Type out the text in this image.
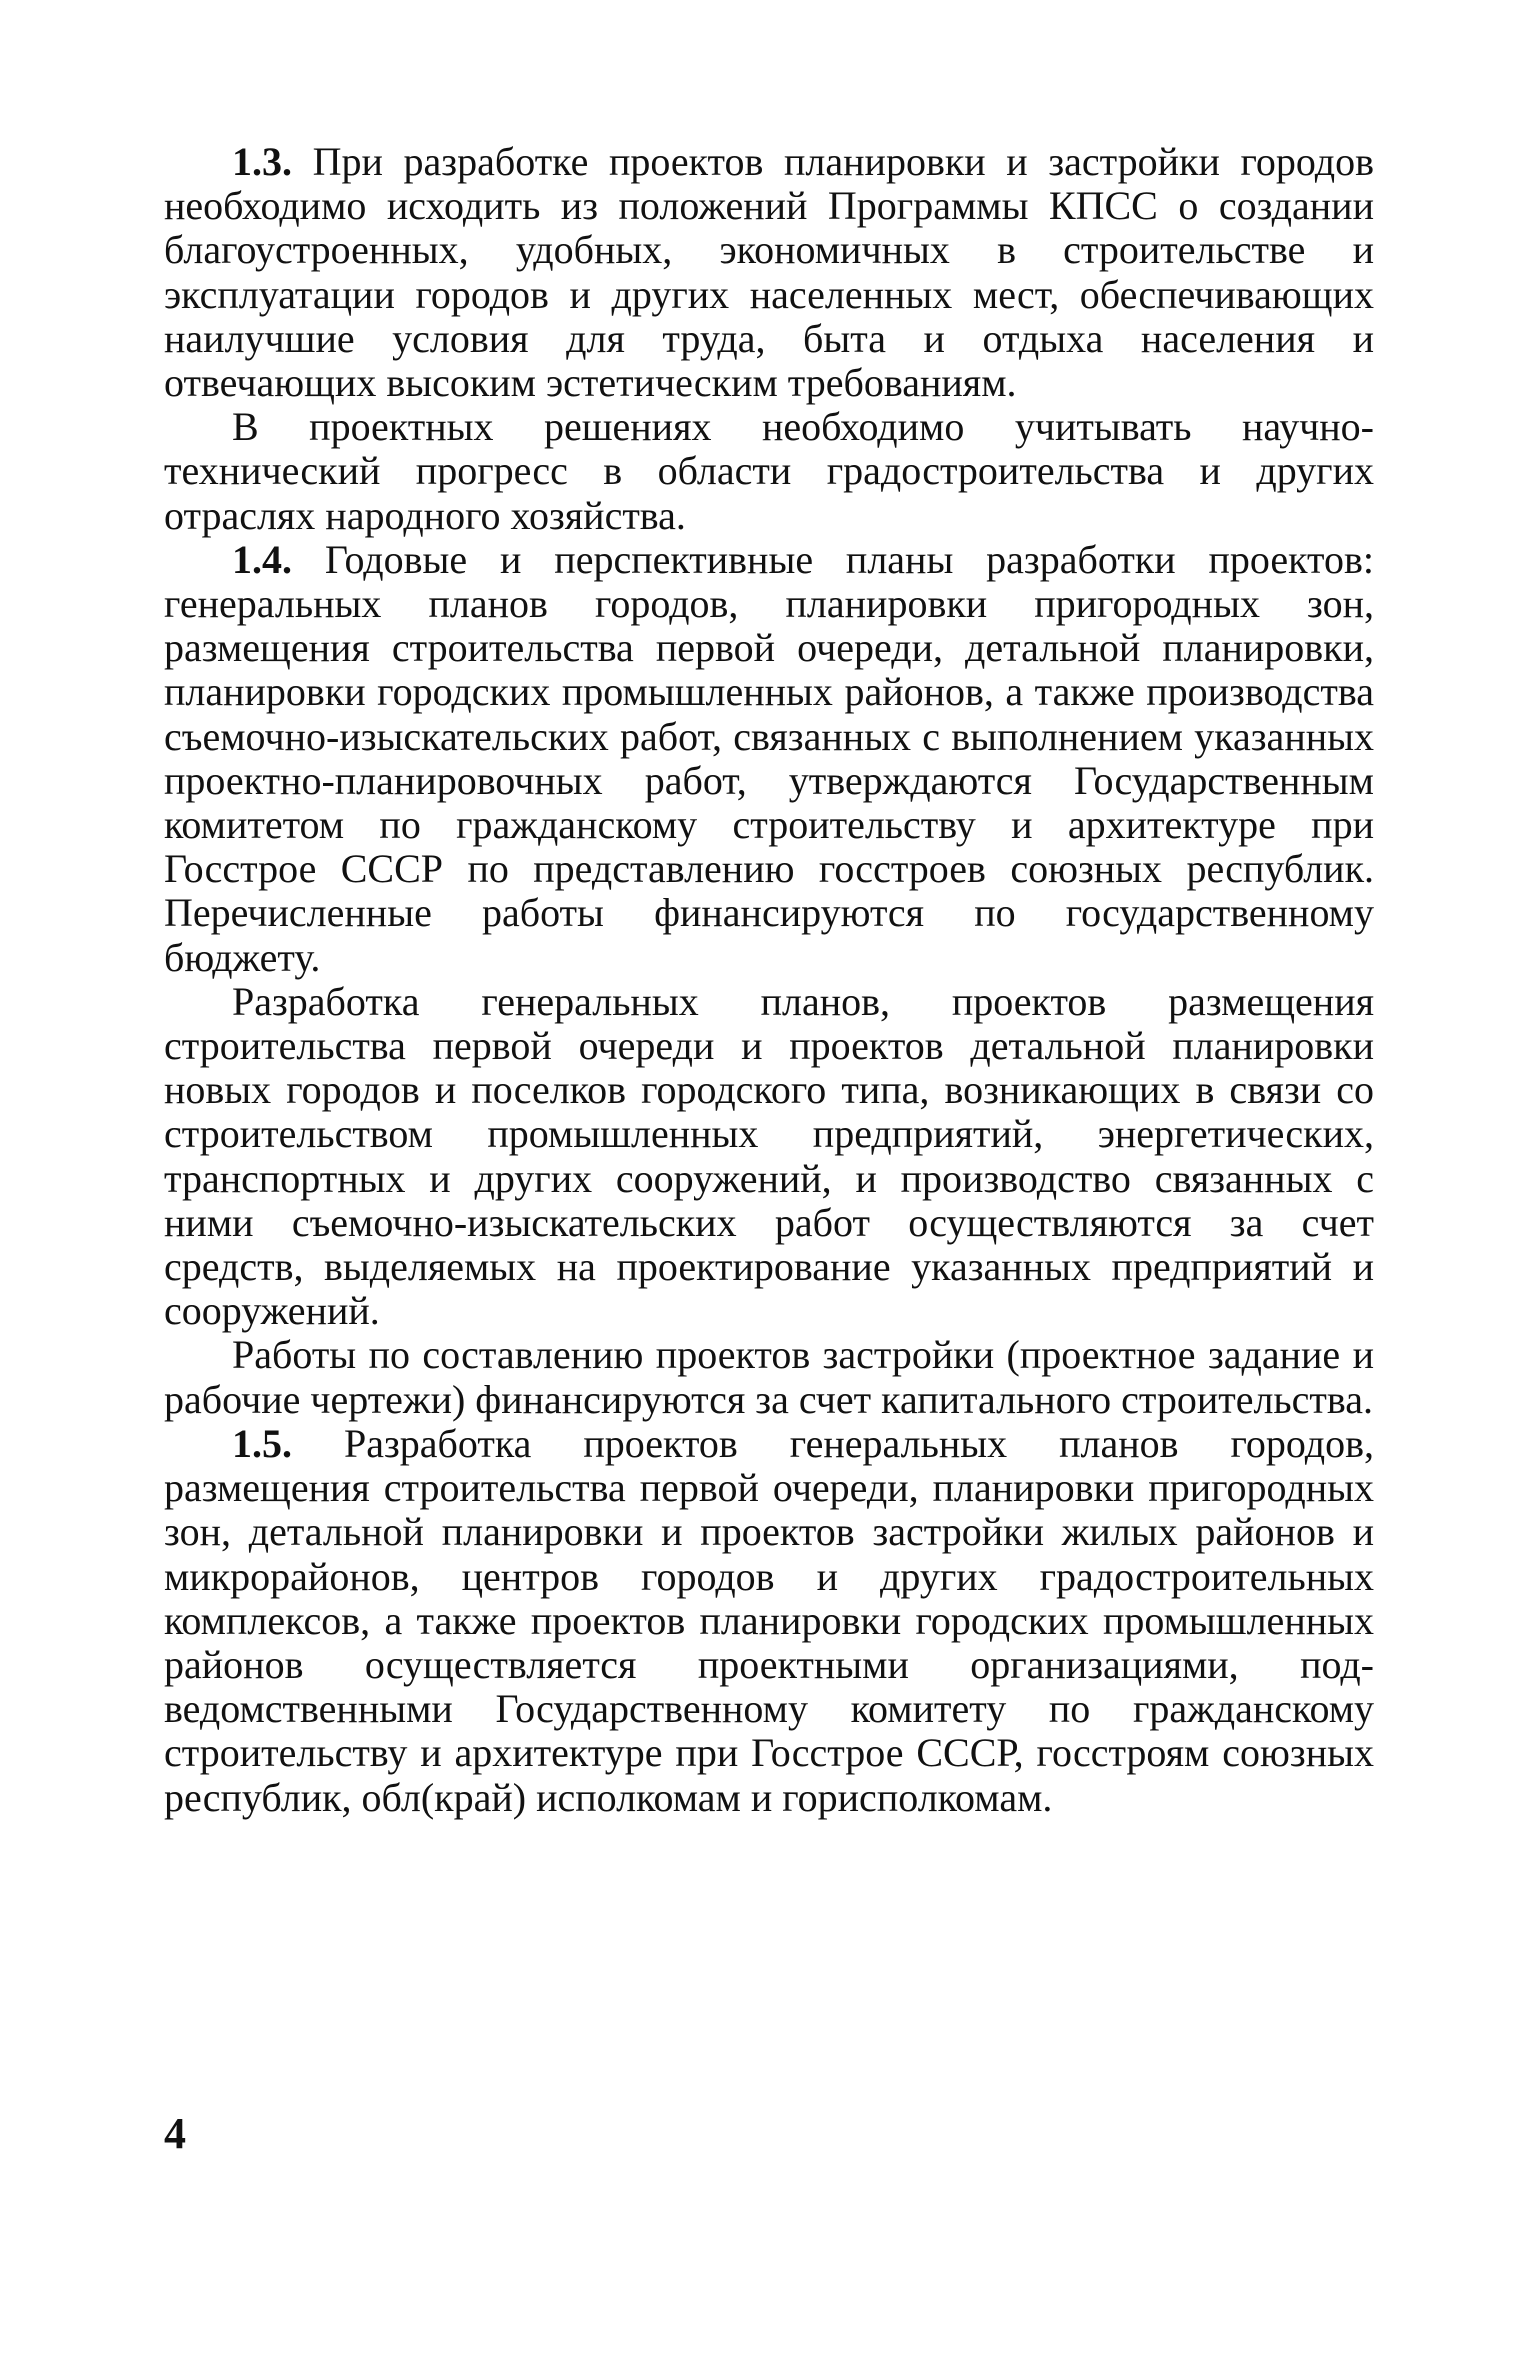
1.3. При разработке проектов планировки и застройки городов необходимо исходить из положений Программы КПСС о создании благоустроенных, удобных, экономичных в строительстве и эксплуатации городов и других населенных мест, обеспечивающих наилучшие условия для труда, быта и отдыха населения и отвечающих высоким эстетическим требованиям.

В проектных решениях необходимо учитывать научно-технический прогресс в области градостроительства и других отраслях народного хозяйства.

1.4. Годовые и перспективные планы разработки проектов: генеральных планов городов, планировки пригородных зон, размещения строительства первой очереди, детальной планировки, планировки городских промышленных районов, а также производства съемочно-изыскательских работ, связанных с выполнением указанных проектно-планировочных работ, утверждаются Государственным комитетом по гражданскому строительству и архитектуре при Госстрое СССР по представлению госстроев союзных республик. Перечисленные работы финансируются по государственному бюджету.

Разработка генеральных планов, проектов размещения строительства первой очереди и проектов детальной планировки новых городов и поселков городского типа, возникающих в связи со строительством промышленных предприятий, энергетических, транспортных и других сооружений, и производство связанных с ними съемочно-изыскательских работ осуществляются за счет средств, выделяемых на проектирование указанных предприятий и сооружений.

Работы по составлению проектов застройки (проектное задание и рабочие чертежи) финансируются за счет капитального строительства.

1.5. Разработка проектов генеральных планов городов, размещения строительства первой очереди, планировки пригородных зон, детальной планировки и проектов застройки жилых районов и микрорайонов, центров городов и других градостроительных комплексов, а также проектов планировки городских промышленных районов осуществляется проектными организациями, подведомственными Государственному комитету по гражданскому строительству и архитектуре при Госстрое СССР, госстроям союзных республик, обл(край) исполкомам и горисполкомам.

4
